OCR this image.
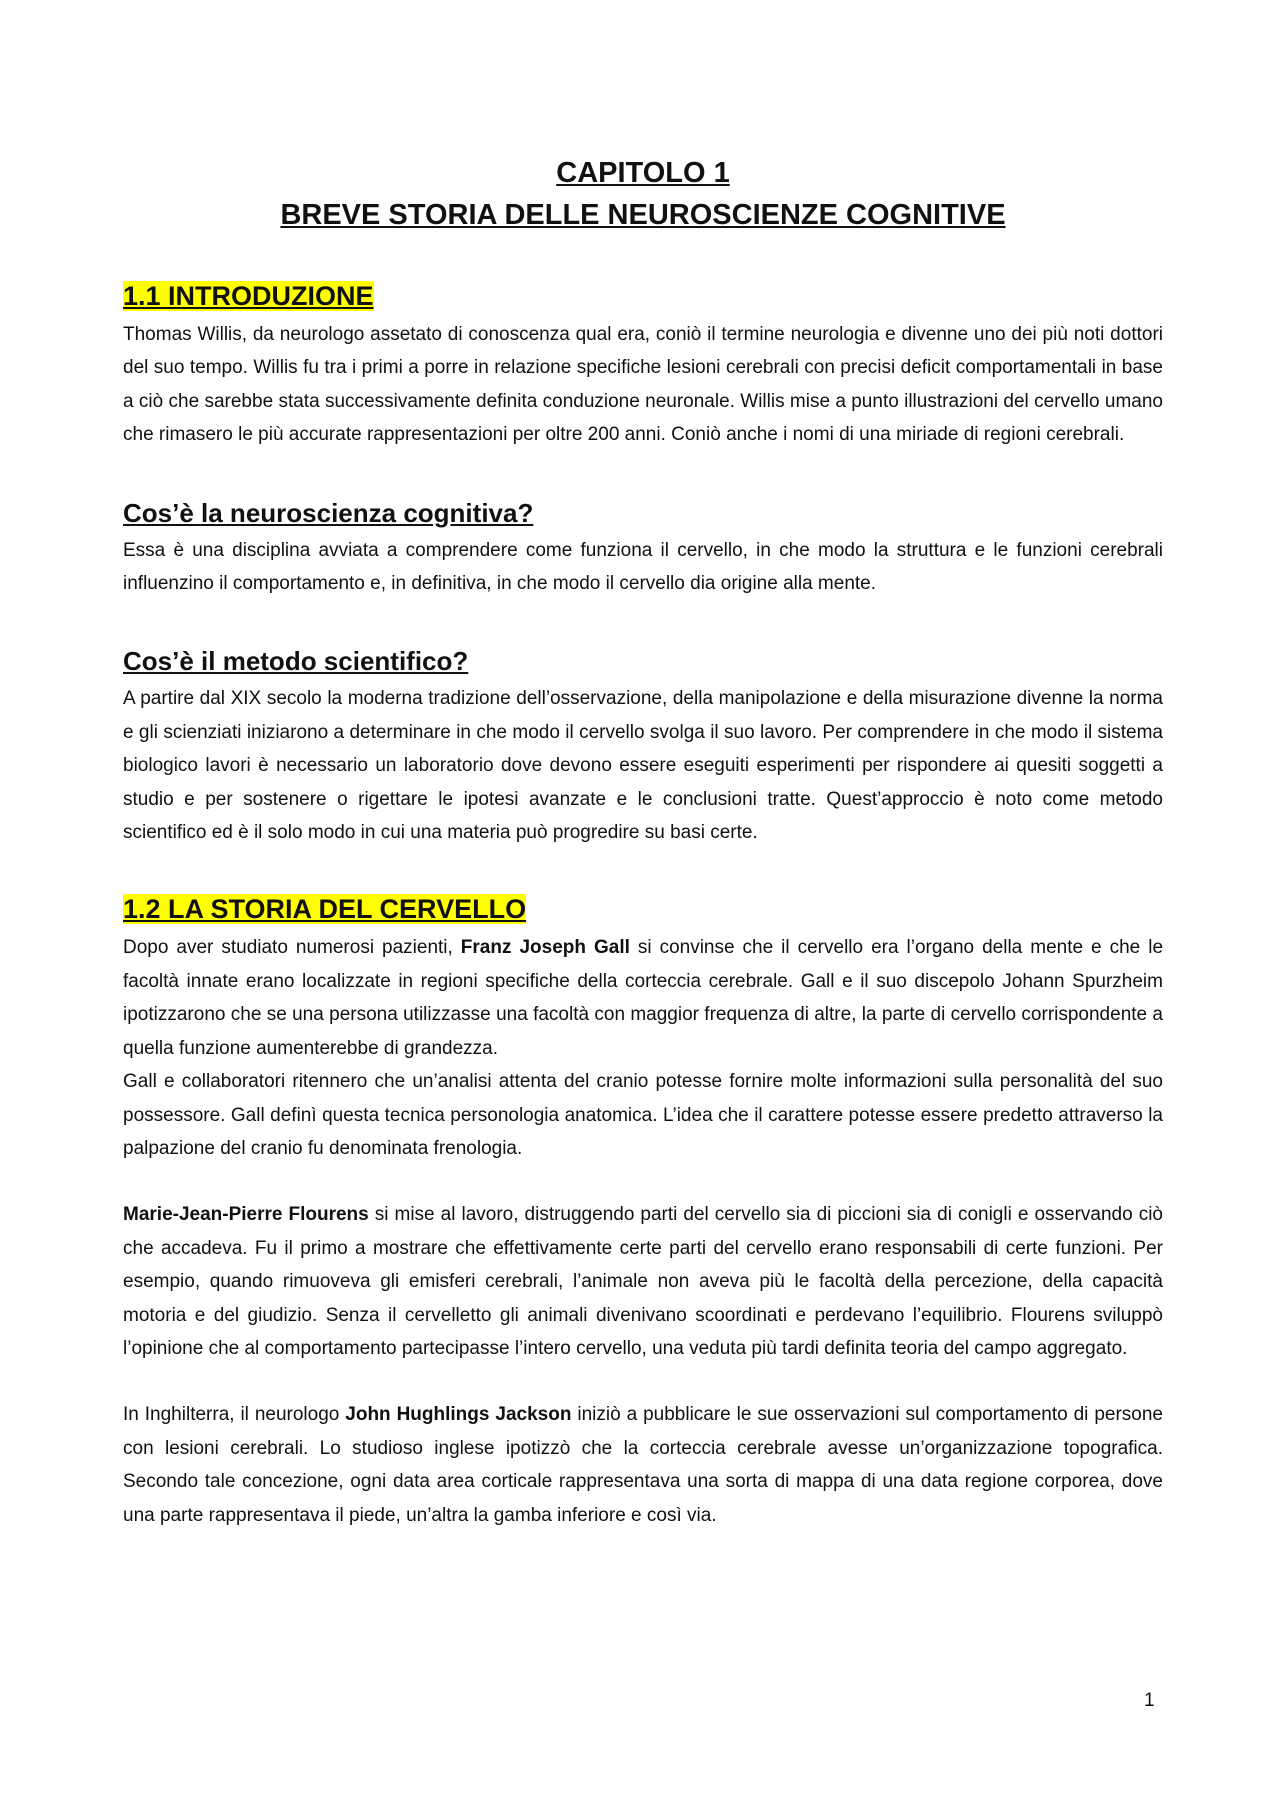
CAPITOLO 1
BREVE STORIA DELLE NEUROSCIENZE COGNITIVE
1.1 INTRODUZIONE

Thomas Willis, da neurologo assetato di conoscenza qual era, coniò il termine neurologia e divenne uno dei più noti dottori del suo tempo. Willis fu tra i primi a porre in relazione specifiche lesioni cerebrali con precisi deficit comportamentali in base a ciò che sarebbe stata successivamente definita conduzione neuronale. Willis mise a punto illustrazioni del cervello umano che rimasero le più accurate rappresentazioni per oltre 200 anni. Coniò anche i nomi di una miriade di regioni cerebrali.

Cos’è la neuroscienza cognitiva?

Essa è una disciplina avviata a comprendere come funziona il cervello, in che modo la struttura e le funzioni cerebrali influenzino il comportamento e, in definitiva, in che modo il cervello dia origine alla mente.

Cos’è il metodo scientifico?

A partire dal XIX secolo la moderna tradizione dell’osservazione, della manipolazione e della misurazione divenne la norma e gli scienziati iniziarono a determinare in che modo il cervello svolga il suo lavoro. Per comprendere in che modo il sistema biologico lavori è necessario un laboratorio dove devono essere eseguiti esperimenti per rispondere ai quesiti soggetti a studio e per sostenere o rigettare le ipotesi avanzate e le conclusioni tratte. Quest’approccio è noto come metodo scientifico ed è il solo modo in cui una materia può progredire su basi certe.

1.2 LA STORIA DEL CERVELLO

Dopo aver studiato numerosi pazienti, Franz Joseph Gall si convinse che il cervello era l’organo della mente e che le facoltà innate erano localizzate in regioni specifiche della corteccia cerebrale. Gall e il suo discepolo Johann Spurzheim ipotizzarono che se una persona utilizzasse una facoltà con maggior frequenza di altre, la parte di cervello corrispondente a quella funzione aumenterebbe di grandezza.

Gall e collaboratori ritennero che un’analisi attenta del cranio potesse fornire molte informazioni sulla personalità del suo possessore. Gall definì questa tecnica personologia anatomica. L’idea che il carattere potesse essere predetto attraverso la palpazione del cranio fu denominata frenologia.

Marie-Jean-Pierre Flourens si mise al lavoro, distruggendo parti del cervello sia di piccioni sia di conigli e osservando ciò che accadeva. Fu il primo a mostrare che effettivamente certe parti del cervello erano responsabili di certe funzioni. Per esempio, quando rimuoveva gli emisferi cerebrali, l’animale non aveva più le facoltà della percezione, della capacità motoria e del giudizio. Senza il cervelletto gli animali divenivano scoordinati e perdevano l’equilibrio. Flourens sviluppò l’opinione che al comportamento partecipasse l’intero cervello, una veduta più tardi definita teoria del campo aggregato.

In Inghilterra, il neurologo John Hughlings Jackson iniziò a pubblicare le sue osservazioni sul comportamento di persone con lesioni cerebrali. Lo studioso inglese ipotizzò che la corteccia cerebrale avesse un’organizzazione topografica. Secondo tale concezione, ogni data area corticale rappresentava una sorta di mappa di una data regione corporea, dove una parte rappresentava il piede, un’altra la gamba inferiore e così via.

1
